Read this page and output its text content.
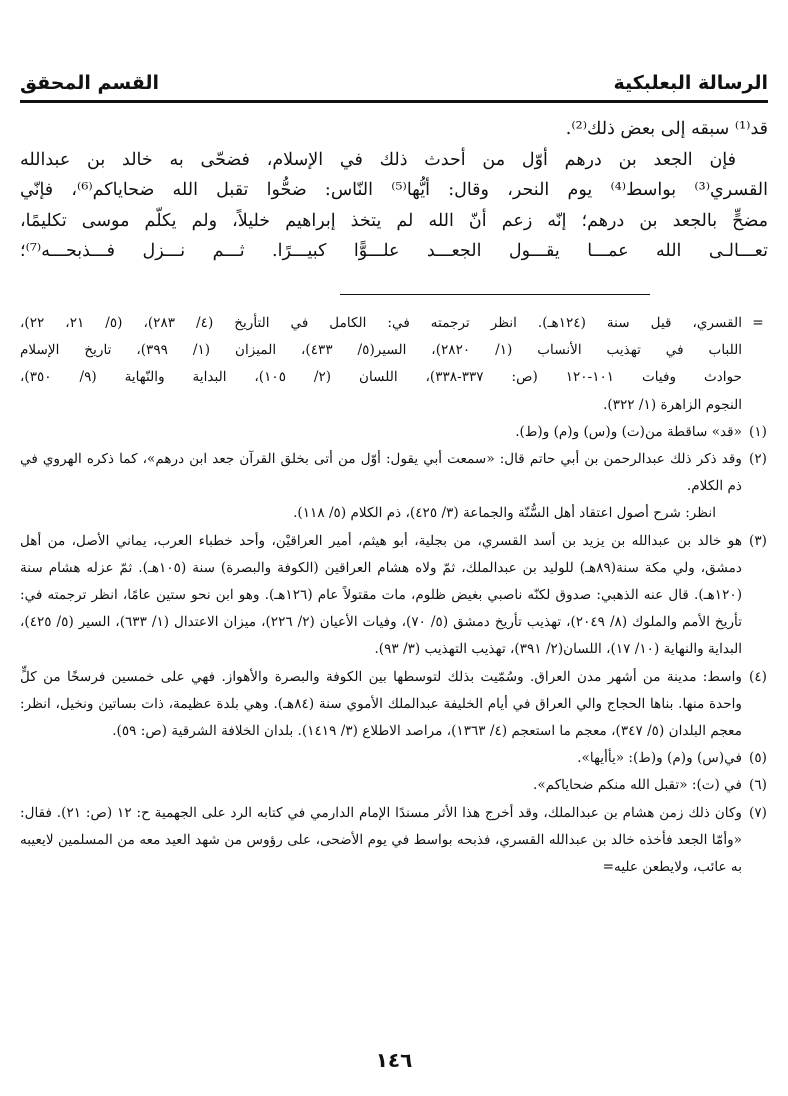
الرسالة البعلبكية
القسم المحقق

قد⁽¹⁾ سبقه إلى بعض ذلك⁽²⁾.

فإن الجعد بن درهم أوّل من أحدث ذلك في الإسلام، فضحّى به خالد بن عبدالله

القسري⁽³⁾ بواسط⁽⁴⁾ يوم النحر، وقال: أيُّها⁽⁵⁾ النّاس: ضحُّوا تقبل الله ضحاياكم⁽⁶⁾، فإنّي
مضحٍّ بالجعد بن درهم؛ إنّه زعم أنّ الله لم يتخذ إبراهيم خليلاً، ولم يكلّم موسى تكليمًا،
تعـــالـى الله عمـــا يقـــول الجعـــد علـــوًّا كبيـــرًا. ثـــم نـــزل فـــذبحـــه⁽⁷⁾؛
=
القسري، قيل سنة (١٢٤هـ). انظر ترجمته في: الكامل في التأريخ (٤/ ٢٨٣)، (٥/ ٢١، ٢٢)،
اللباب في تهذيب الأنساب (١/ ٢٨٢٠)، السير(٥/ ٤٣٣)، الميزان (١/ ٣٩٩)، تاريخ الإسلام
حوادث وفيات ١٠١-١٢٠ (ص: ٣٣٧-٣٣٨)، اللسان (٢/ ١٠٥)، البداية والنّهاية (٩/ ٣٥٠)،
النجوم الزاهرة (١/ ٣٢٢).
(١)
«قد» ساقطة من(ت) و(س) و(م) و(ط).
(٢)
وقد ذكر ذلك عبدالرحمن بن أبي حاتم قال: «سمعت أبي يقول: أوّل من أتى بخلق القرآن جعد ابن درهم»، كما ذكره الهروي في ذم الكلام.
انظر: شرح أصول اعتقاد أهل السُّنّة والجماعة (٣/ ٤٢٥)، ذم الكلام (٥/ ١١٨).
(٣)
هو خالد بن عبدالله بن يزيد بن أسد القسري، من بجلية، أبو هيثم، أمير العراقيْن، وأحد خطباء العرب، يماني الأصل، من أهل دمشق، ولي مكة سنة(٨٩هـ) للوليد بن عبدالملك، ثمّ ولاه هشام العراقين (الكوفة والبصرة) سنة (١٠٥هـ). ثمّ عزله هشام سنة (١٢٠هـ). قال عنه الذهبي: صدوق لكنّه ناصبي بغيض ظلوم، مات مقتولاً عام (١٢٦هـ). وهو ابن نحو ستين عامًا، انظر ترجمته في: تأريخ الأمم والملوك (٨/ ٢٠٤٩)، تهذيب تأريخ دمشق (٥/ ٧٠)، وفيات الأعيان (٢/ ٢٢٦)، ميزان الاعتدال (١/ ٦٣٣)، السير (٥/ ٤٢٥)، البداية والنهاية (١٠/ ١٧)، اللسان(٢/ ٣٩١)، تهذيب التهذيب (٣/ ٩٣).
(٤)
واسط: مدينة من أشهر مدن العراق. وسُمّيت بذلك لتوسطها بين الكوفة والبصرة والأهواز. فهي على خمسين فرسخًا من كلٍّ واحدة منها. بناها الحجاج والي العراق في أيام الخليفة عبدالملك الأموي سنة (٨٤هـ). وهي بلدة عظيمة، ذات بساتين ونخيل، انظر: معجم البلدان (٥/ ٣٤٧)، معجم ما استعجم (٤/ ١٣٦٣)، مراصد الاطلاع (٣/ ١٤١٩). بلدان الخلافة الشرقية (ص: ٥٩).
(٥)
في(س) و(م) و(ط): «يأأيها».
(٦)
في (ت): «تقبل الله منكم ضحاياكم».
(٧)
وكان ذلك زمن هشام بن عبدالملك، وقد أخرج هذا الأثر مسندًا الإمام الدارمي في كتابه الرد على الجهمية ح: ١٢ (ص: ٢١). فقال: «وأمّا الجعد فأخذه خالد بن عبدالله القسري، فذبحه بواسط في يوم الأضحى، على رؤوس من شهد العيد معه من المسلمين لايعيبه به عائب، ولايطعن عليه=
١٤٦
